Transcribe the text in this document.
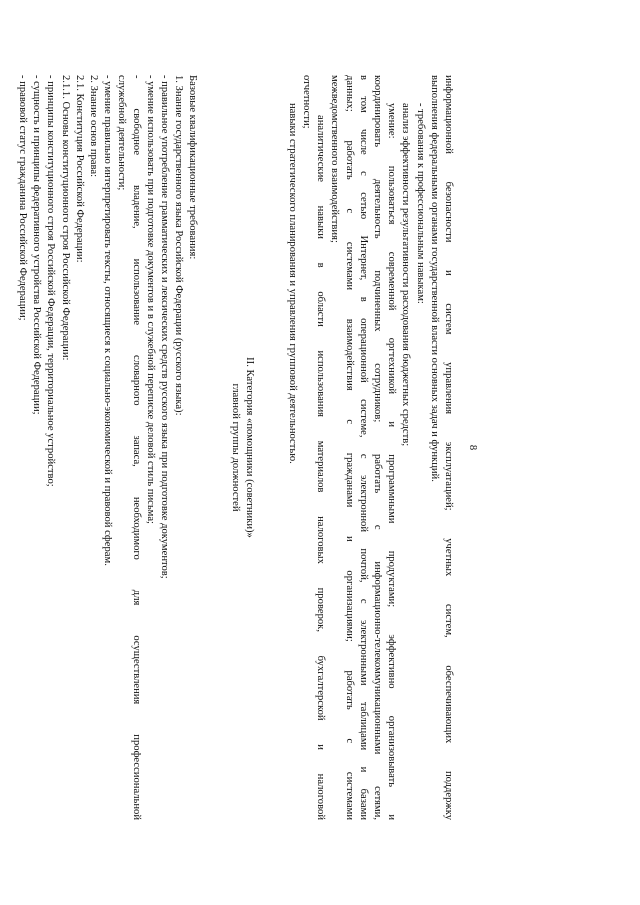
8
информационной безопасности и систем управления эксплуатацией; учетных систем, обеспечивающих поддержку
выполнения федеральными органами государственной власти основных задач и функций.
- требования к профессиональным навыкам:
анализ эффективности результативности расходования бюджетных средств;
умение: пользоваться современной оргтехникой и программными продуктами; эффективно организовывать и
координировать деятельность подчиненных сотрудников; работать с информационно-телекоммуникационными сетями,
в том числе с сетью Интернет, в операционной системе, с электронной почтой, с электронными таблицами и базами
данных; работать с системами взаимодействия с гражданами и организациями; работать с системами
межведомственного взаимодействия;
аналитические навыки в области использования материалов налоговых проверок, бухгалтерской и налоговой
отчетности;
навыки стратегического планирования и управления групповой деятельностью.
II. Категория «помощники (советники)»
главной группы должностей
Базовые квалификационные требования:
1. Знание государственного языка Российской Федерации (русского языка):
- правильное употребление грамматических и лексических средств русского языка при подготовке документов;
- умение использовать при подготовке документов и в служебной переписке деловой стиль письма;
- свободное владение, использование словарного запаса, необходимого для осуществления профессиональной
служебной деятельности;
- умение правильно интерпретировать тексты, относящиеся к социально-экономической и правовой сферам.
2. Знание основ права:
2.1. Конституция Российской Федерации:
2.1.1. Основы конституционного строя Российской Федерации:
- принципы конституционного строя Российской Федерации, территориальное устройство;
- сущность и принципы федеративного устройства Российской Федерации;
- правовой статус гражданина Российской Федерации;
